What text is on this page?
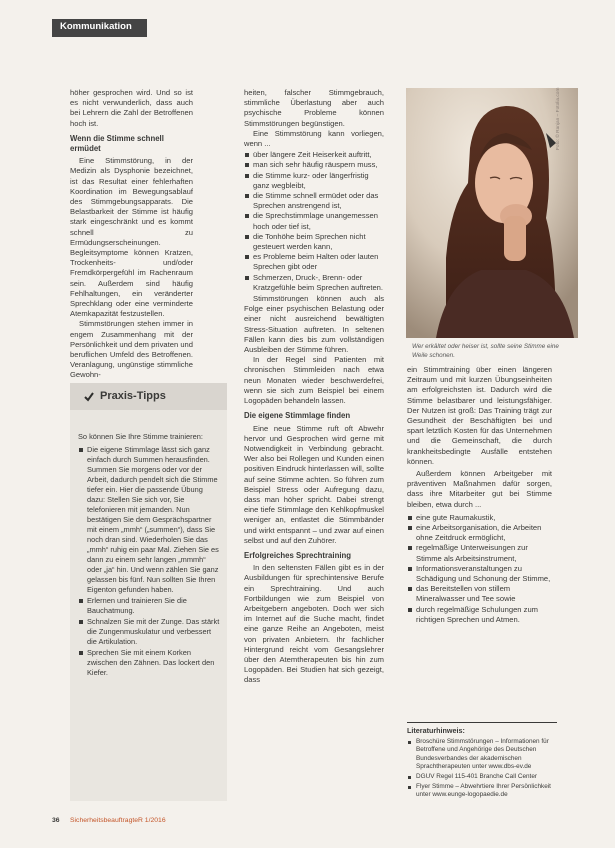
Kommunikation

höher gesprochen wird. Und so ist es nicht verwunderlich, dass auch bei Lehrern die Zahl der Betroffenen hoch ist.

Wenn die Stimme schnell ermüdet

Eine Stimmstörung, in der Medizin als Dysphonie bezeichnet, ist das Resultat einer fehlerhaften Koordination im Bewegungsablauf des Stimmgebungsapparats. Die Belastbarkeit der Stimme ist häufig stark eingeschränkt und es kommt schnell zu Ermüdungserscheinungen. Begleitsymptome können Kratzen, Trockenheits- und/oder Fremdkörpergefühl im Rachenraum sein. Außerdem sind häufig Fehlhaltungen, ein veränderter Sprechklang oder eine verminderte Atemkapazität festzustellen.

Stimmstörungen stehen immer in engem Zusammenhang mit der Persönlichkeit und dem privaten und beruflichen Umfeld des Betroffenen. Veranlagung, ungünstige stimmliche Gewohn-

Praxis-Tipps

So können Sie Ihre Stimme trainieren:

Die eigene Stimmlage lässt sich ganz einfach durch Summen herausfinden. Summen Sie morgens oder vor der Arbeit, dadurch pendelt sich die Stimme tiefer ein. Hier die passende Übung dazu: Stellen Sie sich vor, Sie telefonieren mit jemanden. Nun bestätigen Sie dem Gesprächspartner mit einem „mmh“ („summen“), dass Sie noch dran sind. Wiederholen Sie das „mmh“ ruhig ein paar Mal. Ziehen Sie es dann zu einem sehr langen „mmmh“ oder „ja“ hin. Und wenn zählen Sie ganz gelassen bis fünf. Nun sollten Sie Ihren Eigenton gefunden haben.
Erlernen und trainieren Sie die Bauchatmung.
Schnalzen Sie mit der Zunge. Das stärkt die Zungenmuskulatur und verbessert die Artikulation.
Sprechen Sie mit einem Korken zwischen den Zähnen. Das lockert den Kiefer.

heiten, falscher Stimmgebrauch, stimmliche Überlastung aber auch psychische Probleme können Stimmstörungen begünstigen.

Eine Stimmstörung kann vorliegen, wenn ...

über längere Zeit Heiserkeit auftritt,
man sich sehr häufig räuspern muss,
die Stimme kurz- oder längerfristig ganz wegbleibt,
die Stimme schnell ermüdet oder das Sprechen anstrengend ist,
die Sprechstimmlage unangemessen hoch oder tief ist,
die Tonhöhe beim Sprechen nicht gesteuert werden kann,
es Probleme beim Halten oder lauten Sprechen gibt oder
Schmerzen, Druck-, Brenn- oder Kratzgefühle beim Sprechen auftreten.

Stimmstörungen können auch als Folge einer psychischen Belastung oder einer nicht ausreichend bewältigten Stress-Situation auftreten. In seltenen Fällen kann dies bis zum vollständigen Ausbleiben der Stimme führen.

In der Regel sind Patienten mit chronischen Stimmleiden nach etwa neun Monaten wieder beschwerdefrei, wenn sie sich zum Beispiel bei einem Logopäden behandeln lassen.

Die eigene Stimmlage finden

Eine neue Stimme ruft oft Abwehr hervor und Gesprochen wird gerne mit Notwendigkeit in Verbindung gebracht. Wer also bei Rollegen und Kunden einen positiven Eindruck hinterlassen will, sollte auf seine Stimme achten. So führen zum Beispiel Stress oder Aufregung dazu, dass man höher spricht. Dabei strengt eine tiefe Stimmlage den Kehlkopfmuskel weniger an, entlastet die Stimmbänder und wirkt entspannt – und zwar auf einen selbst und auf den Zuhörer.

Erfolgreiches Sprechtraining

In den seltensten Fällen gibt es in der Ausbildungen für sprechintensive Berufe ein Sprechtraining. Und auch Fortbildungen wie zum Beispiel von Arbeitgebern angeboten. Doch wer sich im Internet auf die Suche macht, findet eine ganze Reihe an Angeboten, meist von privaten Anbietern. Ihr fachlicher Hintergrund reicht vom Gesangslehrer über den Atemtherapeuten bis hin zum Logopäden. Bei Studien hat sich gezeigt, dass

Foto: © Ranjan – Fotolia.com
Wer erkältet oder heiser ist, sollte seine Stimme eine Weile schonen.

ein Stimmtraining über einen längeren Zeitraum und mit kurzen Übungseinheiten am erfolgreichsten ist. Dadurch wird die Stimme belastbarer und leistungsfähiger. Der Nutzen ist groß: Das Training trägt zur Gesundheit der Beschäftigten bei und spart letztlich Kosten für das Unternehmen und die Gemeinschaft, die durch krankheitsbedingte Ausfälle entstehen können.

Außerdem können Arbeitgeber mit präventiven Maßnahmen dafür sorgen, dass ihre Mitarbeiter gut bei Stimme bleiben, etwa durch ...

eine gute Raumakustik,
eine Arbeitsorganisation, die Arbeiten ohne Zeitdruck ermöglicht,
regelmäßige Unterweisungen zur Stimme als Arbeitsinstrument,
Informationsveranstaltungen zu Schädigung und Schonung der Stimme,
das Bereitstellen von stillem Mineralwasser und Tee sowie
durch regelmäßige Schulungen zum richtigen Sprechen und Atmen.
Literaturhinweis:
Broschüre Stimmstörungen – Informationen für Betroffene und Angehörige des Deutschen Bundesverbandes der akademischen Sprachtherapeuten unter www.dbs-ev.de
DGUV Regel 115-401 Branche Call Center
Flyer Stimme – Abwehrtiere Ihrer Persönlichkeit unter www.eunge-logopaedie.de
36 SicherheitsbeauftragteR 1/2016
